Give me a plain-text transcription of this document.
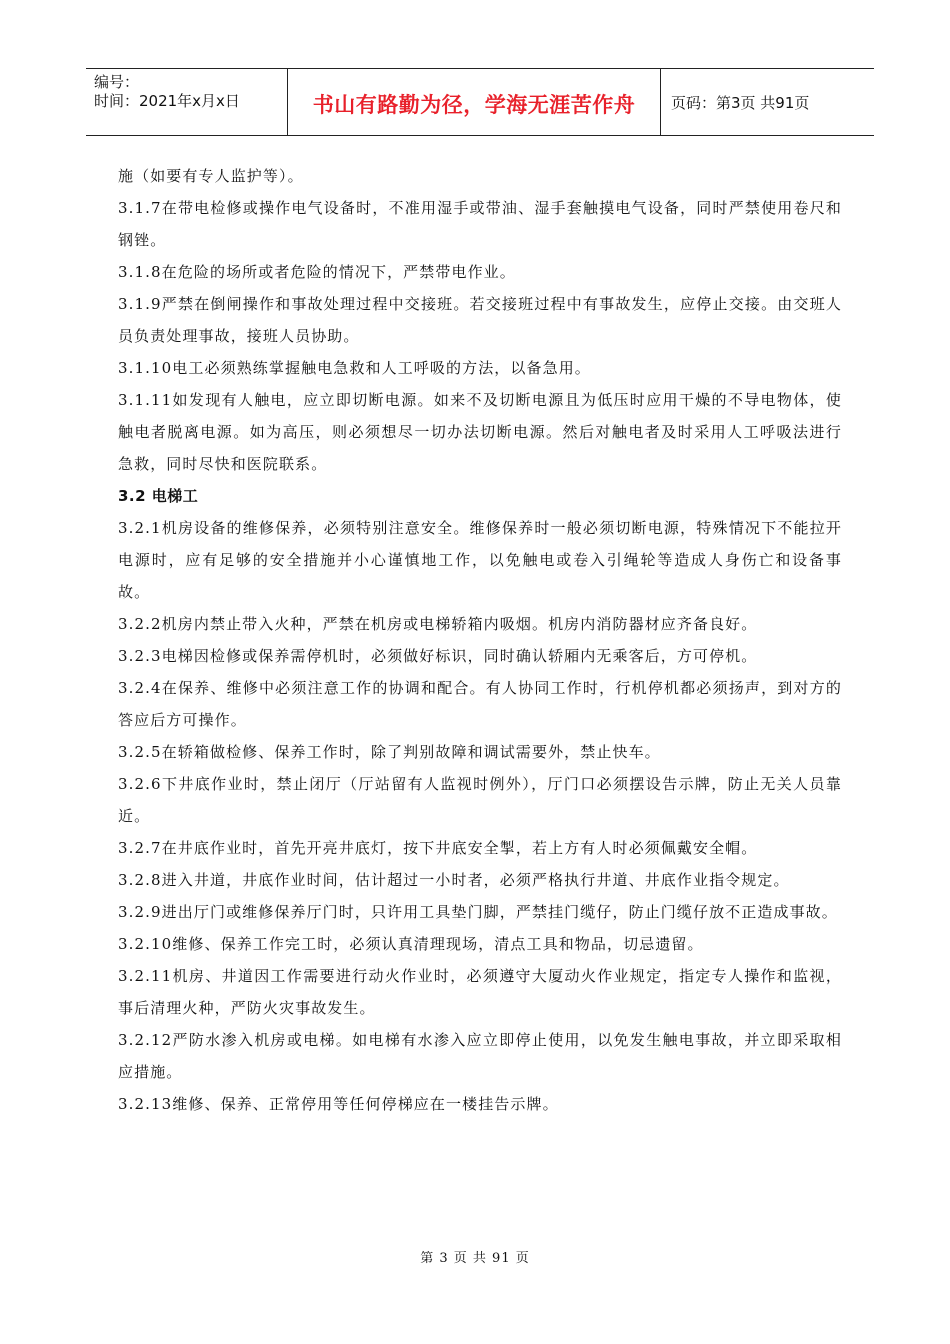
编号：
时间：2021年x月x日	书山有路勤为径，学海无涯苦作舟	页码：第3页 共91页

施（如要有专人监护等）。

3.1.7在带电检修或操作电气设备时，不准用湿手或带油、湿手套触摸电气设备，同时严禁使用卷尺和钢锉。

3.1.8在危险的场所或者危险的情况下，严禁带电作业。

3.1.9严禁在倒闸操作和事故处理过程中交接班。若交接班过程中有事故发生，应停止交接。由交班人员负责处理事故，接班人员协助。

3.1.10电工必须熟练掌握触电急救和人工呼吸的方法，以备急用。

3.1.11如发现有人触电，应立即切断电源。如来不及切断电源且为低压时应用干燥的不导电物体，使触电者脱离电源。如为高压，则必须想尽一切办法切断电源。然后对触电者及时采用人工呼吸法进行急救，同时尽快和医院联系。

3.2 电梯工

3.2.1机房设备的维修保养，必须特别注意安全。维修保养时一般必须切断电源，特殊情况下不能拉开电源时，应有足够的安全措施并小心谨慎地工作，以免触电或卷入引绳轮等造成人身伤亡和设备事故。

3.2.2机房内禁止带入火种，严禁在机房或电梯轿箱内吸烟。机房内消防器材应齐备良好。

3.2.3电梯因检修或保养需停机时，必须做好标识，同时确认轿厢内无乘客后，方可停机。

3.2.4在保养、维修中必须注意工作的协调和配合。有人协同工作时，行机停机都必须扬声，到对方的答应后方可操作。

3.2.5在轿箱做检修、保养工作时，除了判别故障和调试需要外，禁止快车。

3.2.6下井底作业时，禁止闭厅（厅站留有人监视时例外），厅门口必须摆设告示牌，防止无关人员靠近。

3.2.7在井底作业时，首先开亮井底灯，按下井底安全掣，若上方有人时必须佩戴安全帽。

3.2.8进入井道，井底作业时间，估计超过一小时者，必须严格执行井道、井底作业指令规定。

3.2.9进出厅门或维修保养厅门时，只许用工具垫门脚，严禁挂门缆仔，防止门缆仔放不正造成事故。

3.2.10维修、保养工作完工时，必须认真清理现场，清点工具和物品，切忌遗留。

3.2.11机房、井道因工作需要进行动火作业时，必须遵守大厦动火作业规定，指定专人操作和监视，事后清理火种，严防火灾事故发生。

3.2.12严防水渗入机房或电梯。如电梯有水渗入应立即停止使用，以免发生触电事故，并立即采取相应措施。

3.2.13维修、保养、正常停用等任何停梯应在一楼挂告示牌。

第 3 页 共 91 页
